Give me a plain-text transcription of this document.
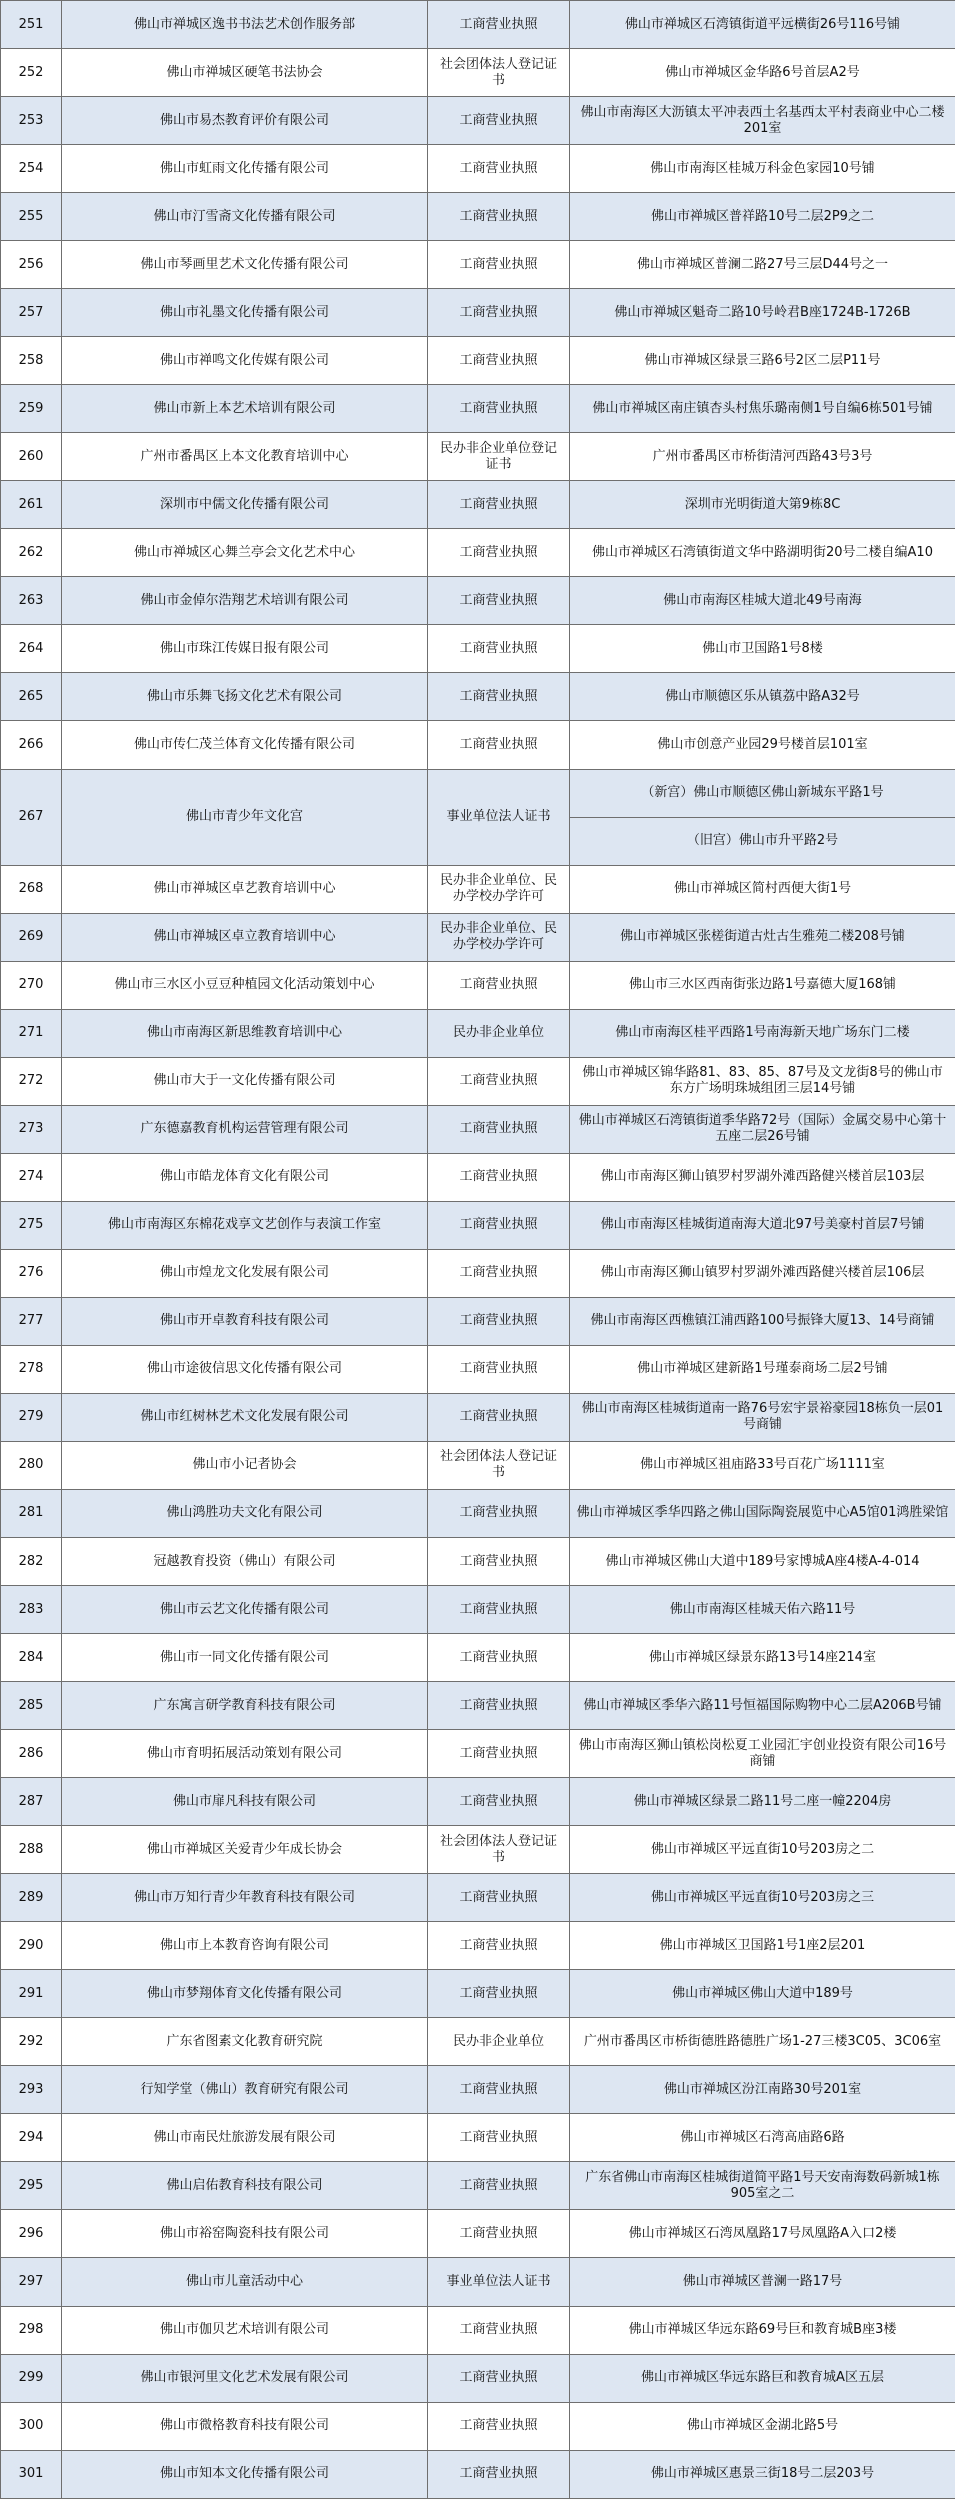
251	佛山市禅城区逸书书法艺术创作服务部	工商营业执照	佛山市禅城区石湾镇街道平远横街26号116号铺
252	佛山市禅城区硬笔书法协会	社会团体法人登记证书	佛山市禅城区金华路6号首层A2号
253	佛山市易杰教育评价有限公司	工商营业执照	佛山市南海区大沥镇太平冲表西土名基西太平村表商业中心二楼201室
254	佛山市虹雨文化传播有限公司	工商营业执照	佛山市南海区桂城万科金色家园10号铺
255	佛山市汀雪斋文化传播有限公司	工商营业执照	佛山市禅城区普祥路10号二层2P9之二
256	佛山市琴画里艺术文化传播有限公司	工商营业执照	佛山市禅城区普澜二路27号三层D44号之一
257	佛山市礼墨文化传播有限公司	工商营业执照	佛山市禅城区魁奇二路10号岭君B座1724B-1726B
258	佛山市禅鸣文化传媒有限公司	工商营业执照	佛山市禅城区绿景三路6号2区二层P11号
259	佛山市新上本艺术培训有限公司	工商营业执照	佛山市禅城区南庄镇杏头村焦乐璐南侧1号自编6栋501号铺
260	广州市番禺区上本文化教育培训中心	民办非企业单位登记证书	广州市番禺区市桥街清河西路43号3号
261	深圳市中儒文化传播有限公司	工商营业执照	深圳市光明街道大第9栋8C
262	佛山市禅城区心舞兰亭会文化艺术中心	工商营业执照	佛山市禅城区石湾镇街道文华中路湖明街20号二楼自编A10
263	佛山市金倬尔浩翔艺术培训有限公司	工商营业执照	佛山市南海区桂城大道北49号南海
264	佛山市珠江传媒日报有限公司	工商营业执照	佛山市卫国路1号8楼
265	佛山市乐舞飞扬文化艺术有限公司	工商营业执照	佛山市顺德区乐从镇荔中路A32号
266	佛山市传仁茂兰体育文化传播有限公司	工商营业执照	佛山市创意产业园29号楼首层101室
267	佛山市青少年文化宫	事业单位法人证书	（新宫）佛山市顺德区佛山新城东平路1号
			（旧宫）佛山市升平路2号
268	佛山市禅城区卓艺教育培训中心	民办非企业单位、民办学校办学许可	佛山市禅城区简村西便大街1号
269	佛山市禅城区卓立教育培训中心	民办非企业单位、民办学校办学许可	佛山市禅城区张槎街道古灶古生雅苑二楼208号铺
270	佛山市三水区小豆豆种植园文化活动策划中心	工商营业执照	佛山市三水区西南街张边路1号嘉德大厦168铺
271	佛山市南海区新思维教育培训中心	民办非企业单位	佛山市南海区桂平西路1号南海新天地广场东门二楼
272	佛山市大于一文化传播有限公司	工商营业执照	佛山市禅城区锦华路81、83、85、87号及文龙街8号的佛山市东方广场明珠城组团三层14号铺
273	广东德嘉教育机构运营管理有限公司	工商营业执照	佛山市禅城区石湾镇街道季华路72号（国际）金属交易中心第十五座二层26号铺
274	佛山市皓龙体育文化有限公司	工商营业执照	佛山市南海区狮山镇罗村罗湖外滩西路健兴楼首层103层
275	佛山市南海区东棉花戏享文艺创作与表演工作室	工商营业执照	佛山市南海区桂城街道南海大道北97号美豪村首层7号铺
276	佛山市煌龙文化发展有限公司	工商营业执照	佛山市南海区狮山镇罗村罗湖外滩西路健兴楼首层106层
277	佛山市开卓教育科技有限公司	工商营业执照	佛山市南海区西樵镇江浦西路100号振锋大厦13、14号商铺
278	佛山市途彼信思文化传播有限公司	工商营业执照	佛山市禅城区建新路1号瑾泰商场二层2号铺
279	佛山市红树林艺术文化发展有限公司	工商营业执照	佛山市南海区桂城街道南一路76号宏宇景裕豪园18栋负一层01号商铺
280	佛山市小记者协会	社会团体法人登记证书	佛山市禅城区祖庙路33号百花广场1111室
281	佛山鸿胜功夫文化有限公司	工商营业执照	佛山市禅城区季华四路之佛山国际陶瓷展览中心A5馆01鸿胜梁馆
282	冠越教育投资（佛山）有限公司	工商营业执照	佛山市禅城区佛山大道中189号家博城A座4楼A-4-014
283	佛山市云艺文化传播有限公司	工商营业执照	佛山市南海区桂城天佑六路11号
284	佛山市一同文化传播有限公司	工商营业执照	佛山市禅城区绿景东路13号14座214室
285	广东寓言研学教育科技有限公司	工商营业执照	佛山市禅城区季华六路11号恒福国际购物中心二层A206B号铺
286	佛山市育明拓展活动策划有限公司	工商营业执照	佛山市南海区狮山镇松岗松夏工业园汇宇创业投资有限公司16号商铺
287	佛山市扉凡科技有限公司	工商营业执照	佛山市禅城区绿景二路11号二座一幢2204房
288	佛山市禅城区关爱青少年成长协会	社会团体法人登记证书	佛山市禅城区平远直街10号203房之二
289	佛山市万知行青少年教育科技有限公司	工商营业执照	佛山市禅城区平远直街10号203房之三
290	佛山市上本教育咨询有限公司	工商营业执照	佛山市禅城区卫国路1号1座2层201
291	佛山市梦翔体育文化传播有限公司	工商营业执照	佛山市禅城区佛山大道中189号
292	广东省图素文化教育研究院	民办非企业单位	广州市番禺区市桥街德胜路德胜广场1-27三楼3C05、3C06室
293	行知学堂（佛山）教育研究有限公司	工商营业执照	佛山市禅城区汾江南路30号201室
294	佛山市南民灶旅游发展有限公司	工商营业执照	佛山市禅城区石湾高庙路6路
295	佛山启佑教育科技有限公司	工商营业执照	广东省佛山市南海区桂城街道简平路1号天安南海数码新城1栋905室之二
296	佛山市裕窑陶瓷科技有限公司	工商营业执照	佛山市禅城区石湾凤凰路17号凤凰路A入口2楼
297	佛山市儿童活动中心	事业单位法人证书	佛山市禅城区普澜一路17号
298	佛山市伽贝艺术培训有限公司	工商营业执照	佛山市禅城区华远东路69号巨和教育城B座3楼
299	佛山市银河里文化艺术发展有限公司	工商营业执照	佛山市禅城区华远东路巨和教育城A区五层
300	佛山市微格教育科技有限公司	工商营业执照	佛山市禅城区金湖北路5号
301	佛山市知本文化传播有限公司	工商营业执照	佛山市禅城区惠景三街18号二层203号
